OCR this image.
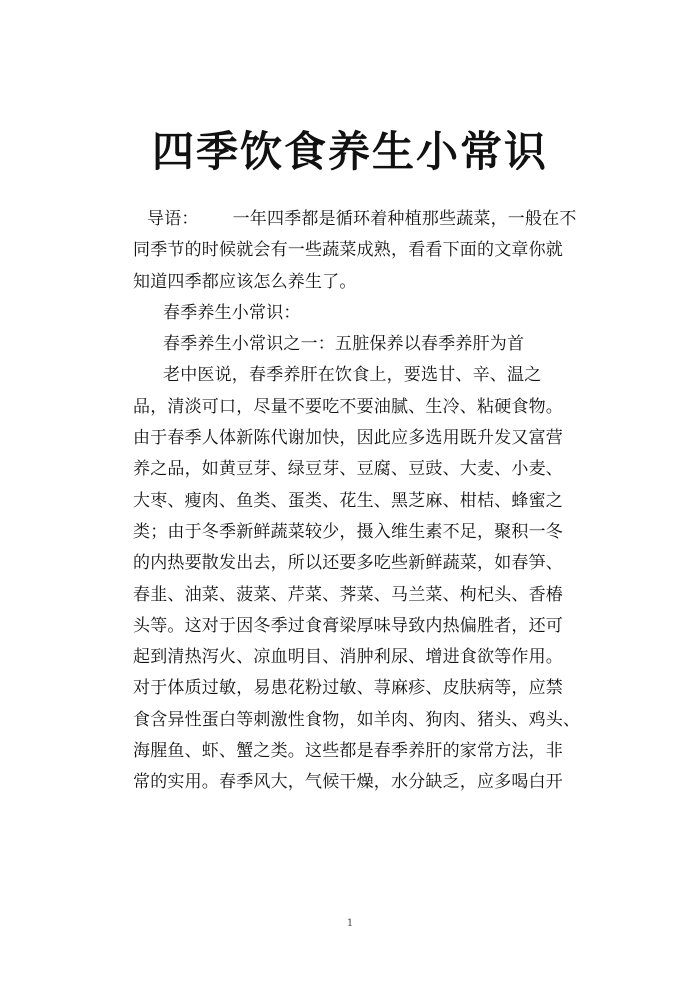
四季饮食养生小常识
导语： 一年四季都是循环着种植那些蔬菜，一般在不
同季节的时候就会有一些蔬菜成熟，看看下面的文章你就
知道四季都应该怎么养生了。
春季养生小常识：
春季养生小常识之一：五脏保养以春季养肝为首
老中医说，春季养肝在饮食上，要选甘、辛、温之
品，清淡可口，尽量不要吃不要油腻、生冷、粘硬食物。
由于春季人体新陈代谢加快，因此应多选用既升发又富营
养之品，如黄豆芽、绿豆芽、豆腐、豆豉、大麦、小麦、
大枣、瘦肉、鱼类、蛋类、花生、黑芝麻、柑桔、蜂蜜之
类；由于冬季新鲜蔬菜较少，摄入维生素不足，聚积一冬
的内热要散发出去，所以还要多吃些新鲜蔬菜，如春笋、
春韭、油菜、菠菜、芹菜、荠菜、马兰菜、枸杞头、香椿
头等。这对于因冬季过食膏梁厚味导致内热偏胜者，还可
起到清热泻火、凉血明目、消肿利尿、增进食欲等作用。
对于体质过敏，易患花粉过敏、荨麻疹、皮肤病等，应禁
食含异性蛋白等刺激性食物，如羊肉、狗肉、猪头、鸡头、
海腥鱼、虾、蟹之类。这些都是春季养肝的家常方法，非
常的实用。春季风大，气候干燥，水分缺乏，应多喝白开
1
